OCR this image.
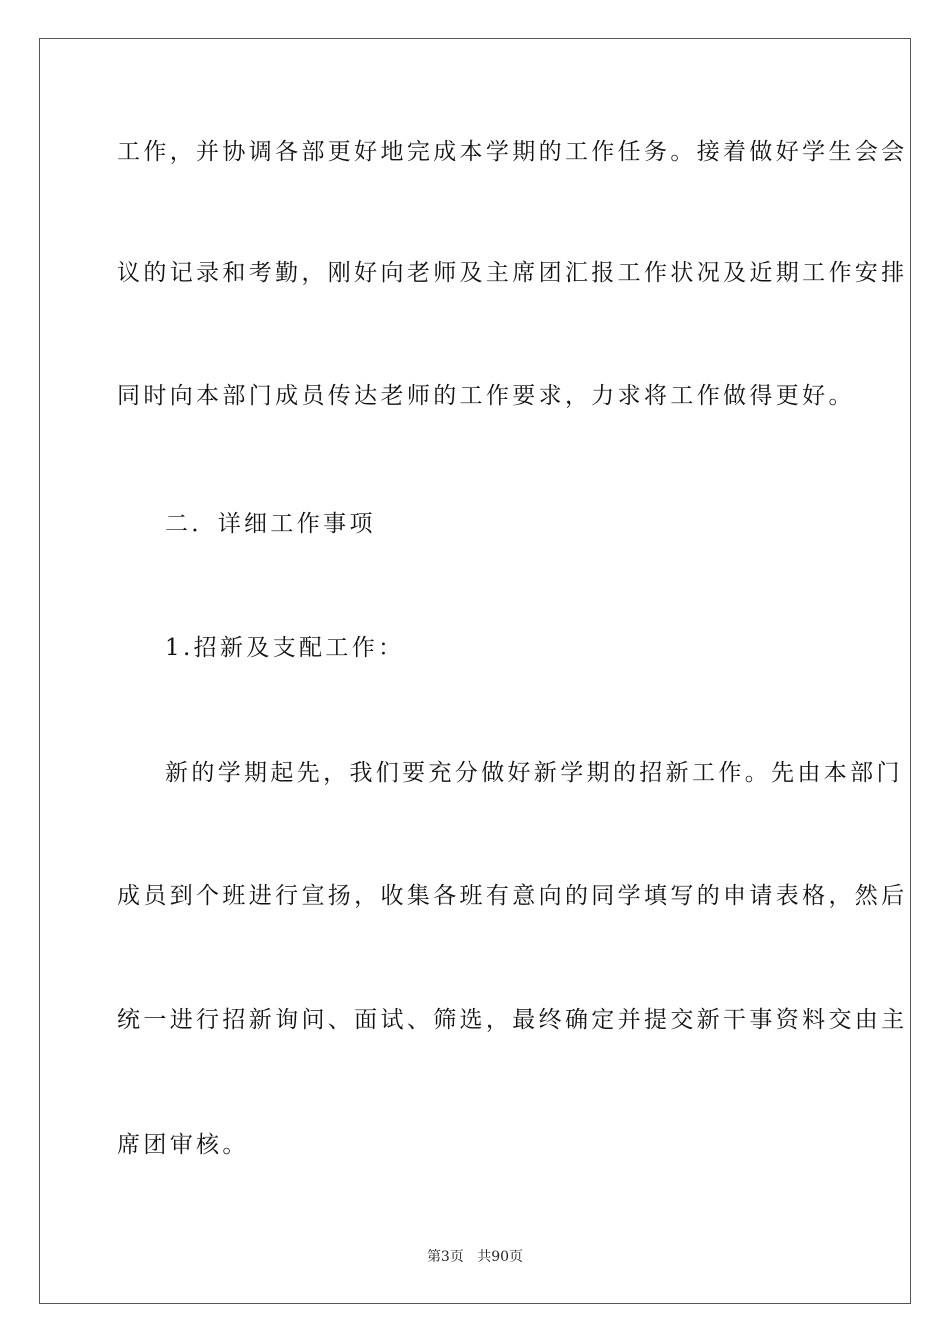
工作，并协调各部更好地完成本学期的工作任务。接着做好学生会会
议的记录和考勤，刚好向老师及主席团汇报工作状况及近期工作安排
同时向本部门成员传达老师的工作要求，力求将工作做得更好。
二．详细工作事项
1.招新及支配工作：
新的学期起先，我们要充分做好新学期的招新工作。先由本部门
成员到个班进行宣扬，收集各班有意向的同学填写的申请表格，然后
统一进行招新询问、面试、筛选，最终确定并提交新干事资料交由主
席团审核。
第3页 共90页
